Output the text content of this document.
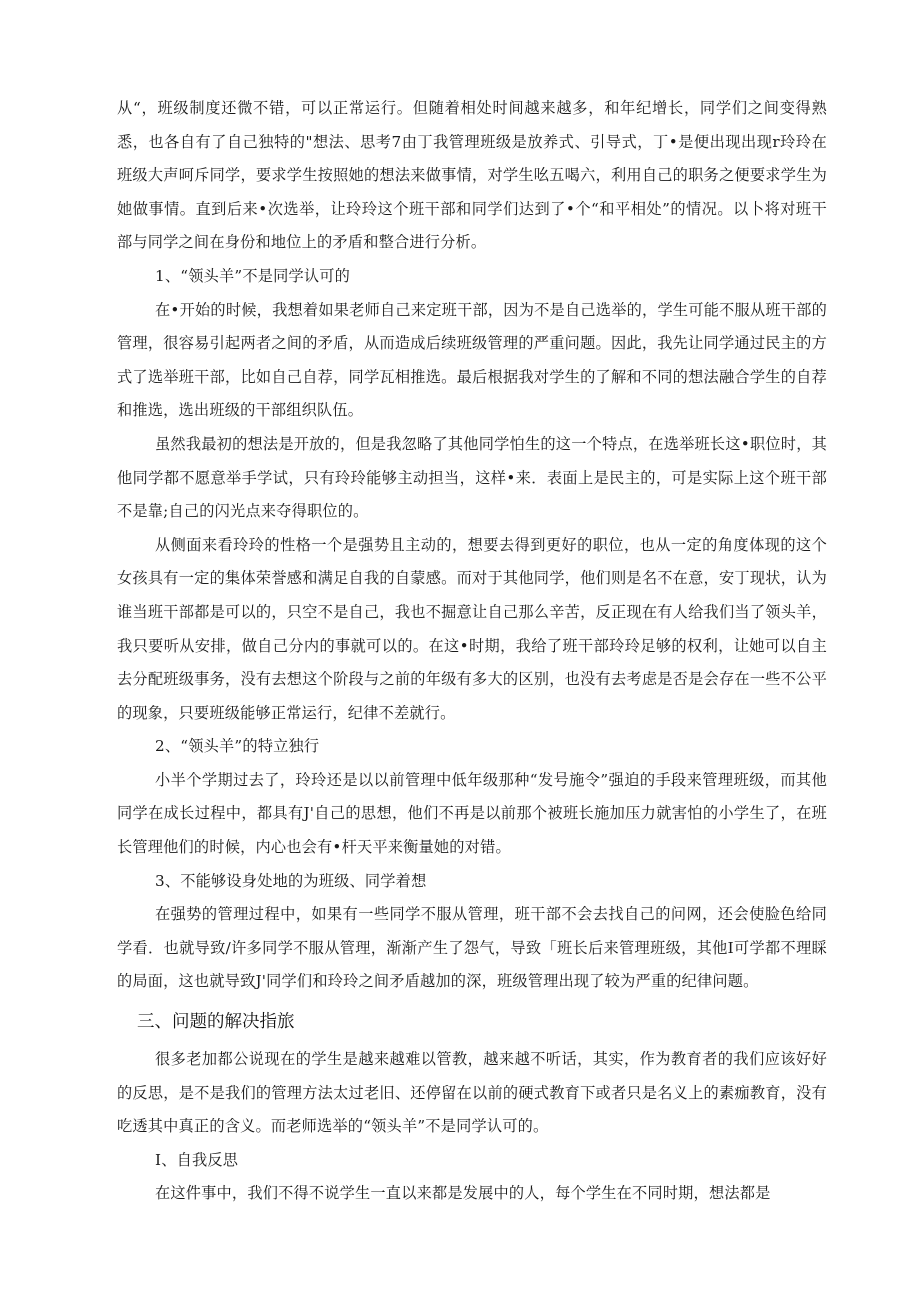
从“，班级制度还微不错，可以正常运行。但随着相处时间越来越多，和年纪增长，同学们之间变得熟悉，也各自有了自己独特的"想法、思考7由丁我管理班级是放养式、引导式，丁•是便出现出现r玲玲在班级大声呵斥同学，要求学生按照她的想法来做事情，对学生吆五喝六，利用自己的职务之便要求学生为她做事情。直到后来•次选举，让玲玲这个班干部和同学们达到了•个“和平相处”的情况。以卜将对班干部与同学之间在身份和地位上的矛盾和整合进行分析。

1、“领头羊”不是同学认可的

在•开始的时候，我想着如果老师自己来定班干部，因为不是自己选举的，学生可能不服从班干部的管理，很容易引起两者之间的矛盾，从而造成后续班级管理的严重问题。因此，我先让同学通过民主的方式了选举班干部，比如自己自荐，同学瓦相推选。最后根据我对学生的了解和不同的想法融合学生的自荐和推选，选出班级的干部组织队伍。

虽然我最初的想法是开放的，但是我忽略了其他同学怕生的这一个特点，在选举班长这•职位时，其他同学都不愿意举手学试，只有玲玲能够主动担当，这样•来．表面上是民主的，可是实际上这个班干部不是靠;自己的闪光点来夺得职位的。

从侧面来看玲玲的性格一个是强势且主动的，想要去得到更好的职位，也从一定的角度体现的这个女孩具有一定的集体荣誉感和满足自我的自蒙感。而对于其他同学，他们则是名不在意，安丁现状，认为谁当班干部都是可以的，只空不是自己，我也不掘意让自己那么辛苦，反正现在有人给我们当了领头羊，我只要听从安排，做自己分内的事就可以的。在这•时期，我给了班干部玲玲足够的权利，让她可以自主去分配班级事务，没有去想这个阶段与之前的年级有多大的区别，也没有去考虑是否是会存在一些不公平的现象，只要班级能够正常运行，纪律不差就行。

2、“领头羊”的特立独行

小半个学期过去了，玲玲还是以以前管理中低年级那种“发号施令”强迫的手段来管理班级，而其他同学在成长过程中，都具有J'自己的思想，他们不再是以前那个被班长施加压力就害怕的小学生了，在班长管理他们的时候，内心也会有•杆天平来衡量她的对错。

3、不能够设身处地的为班级、同学着想

在强势的管理过程中，如果有一些同学不服从管理，班干部不会去找自己的问网，还会使脸色给同学看．也就导致/许多同学不服从管理，渐渐产生了怨气，导致「班长后来管理班级，其他I可学都不理睬的局面，这也就导致J'同学们和玲玲之间矛盾越加的深，班级管理出现了较为严重的纪律问题。

三、问题的解决指旅

很多老加都公说现在的学生是越来越难以管教，越来越不听话，其实，作为教育者的我们应该好好的反思，是不是我们的管理方法太过老旧、还停留在以前的硬式教育下或者只是名义上的素痂教育，没有吃透其中真正的含义。而老师选举的“领头羊”不是同学认可的。

I、自我反思

在这件事中，我们不得不说学生一直以来都是发展中的人，每个学生在不同时期，想法都是
